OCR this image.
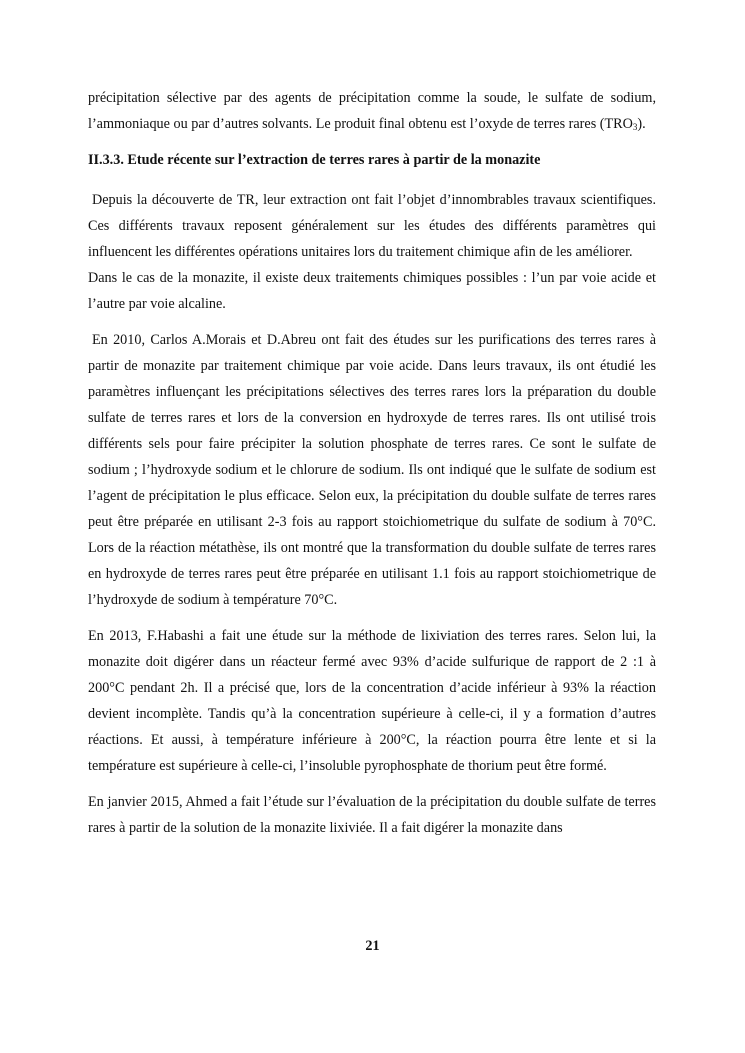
précipitation sélective par des agents de précipitation comme la soude, le sulfate de sodium, l’ammoniaque ou par d’autres solvants. Le produit final obtenu est l’oxyde de terres rares $(TRO_3)$.

II.3.3. Etude récente sur l’extraction de terres rares à partir de la monazite

Depuis la découverte de TR, leur extraction ont fait l’objet d’innombrables travaux scientifiques. Ces différents travaux reposent généralement sur les études des différents paramètres qui influencent les différentes opérations unitaires lors du traitement chimique afin de les améliorer.

Dans le cas de la monazite, il existe deux traitements chimiques possibles : l’un par voie acide et l’autre par voie alcaline.

En 2010, Carlos A.Morais et D.Abreu ont fait des études sur les purifications des terres rares à partir de monazite par traitement chimique par voie acide. Dans leurs travaux, ils ont étudié les paramètres influençant les précipitations sélectives des terres rares lors la préparation du double sulfate de terres rares et lors de la conversion en hydroxyde de terres rares. Ils ont utilisé trois différents sels pour faire précipiter la solution phosphate de terres rares. Ce sont le sulfate de sodium ; l’hydroxyde sodium et le chlorure de sodium. Ils ont indiqué que le sulfate de sodium est l’agent de précipitation le plus efficace. Selon eux, la précipitation du double sulfate de terres rares peut être préparée en utilisant 2-3 fois au rapport stoichiometrique du sulfate de sodium à 70°C. Lors de la réaction métathèse, ils ont montré que la transformation du double sulfate de terres rares en hydroxyde de terres rares peut être préparée en utilisant 1.1 fois au rapport stoichiometrique de l’hydroxyde de sodium à température 70°C.

En 2013, F.Habashi a fait une étude sur la méthode de lixiviation des terres rares. Selon lui, la monazite doit digérer dans un réacteur fermé avec 93% d’acide sulfurique de rapport de 2 :1 à 200°C pendant 2h. Il a précisé que, lors de la concentration d’acide inférieur à 93% la réaction devient incomplète. Tandis qu’à la concentration supérieure à celle-ci, il y a formation d’autres réactions. Et aussi, à température inférieure à 200°C, la réaction pourra être lente et si la température est supérieure à celle-ci, l’insoluble pyrophosphate de thorium peut être formé.

En janvier 2015, Ahmed a fait l’étude sur l’évaluation de la précipitation du double sulfate de terres rares à partir de la solution de la monazite lixiviée. Il a fait digérer la monazite dans

21
